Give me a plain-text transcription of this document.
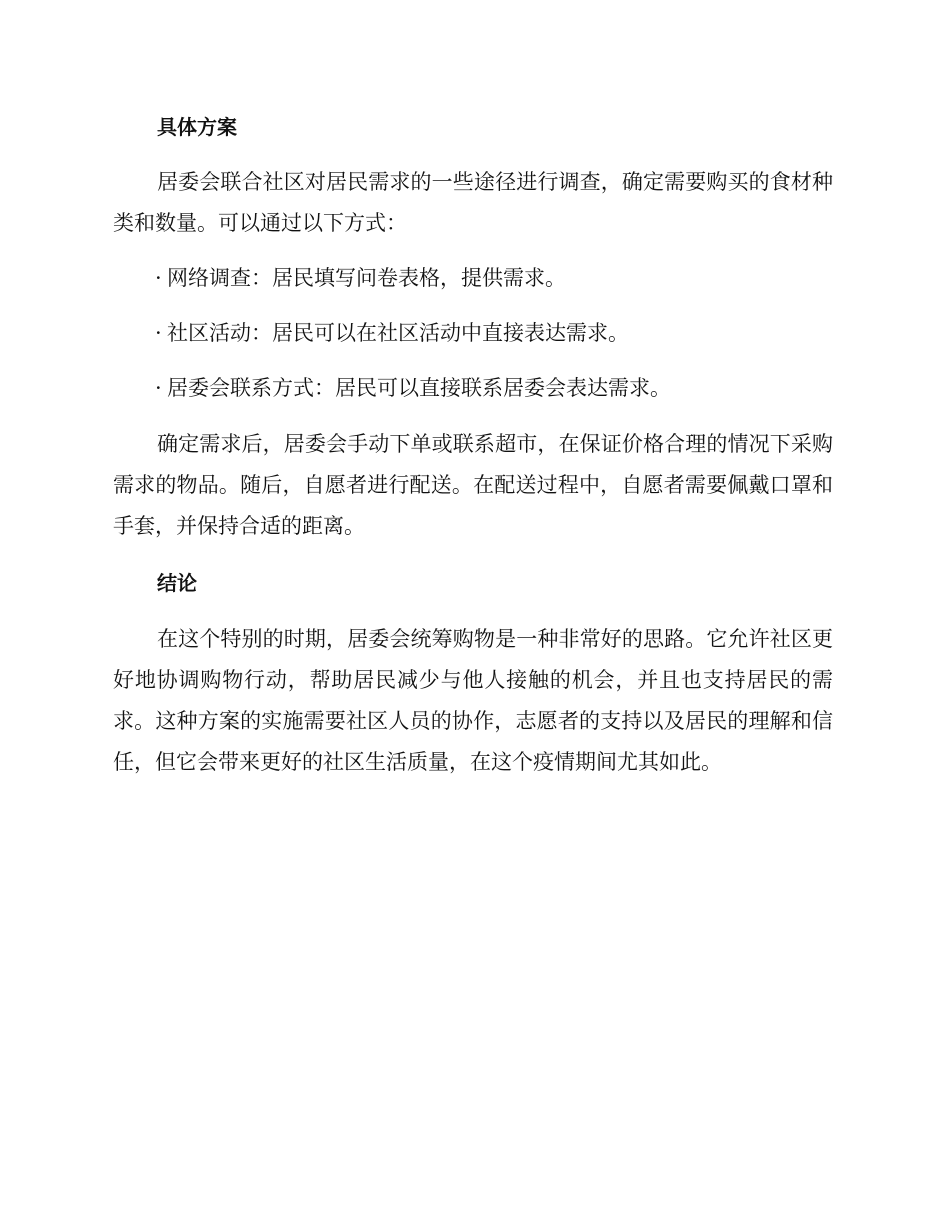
具体方案

居委会联合社区对居民需求的一些途径进行调查，确定需要购买的食材种类和数量。可以通过以下方式：

· 网络调查：居民填写问卷表格，提供需求。

· 社区活动：居民可以在社区活动中直接表达需求。

· 居委会联系方式：居民可以直接联系居委会表达需求。

确定需求后，居委会手动下单或联系超市，在保证价格合理的情况下采购需求的物品。随后，自愿者进行配送。在配送过程中，自愿者需要佩戴口罩和手套，并保持合适的距离。

结论

在这个特别的时期，居委会统筹购物是一种非常好的思路。它允许社区更好地协调购物行动，帮助居民减少与他人接触的机会，并且也支持居民的需求。这种方案的实施需要社区人员的协作，志愿者的支持以及居民的理解和信任，但它会带来更好的社区生活质量，在这个疫情期间尤其如此。
